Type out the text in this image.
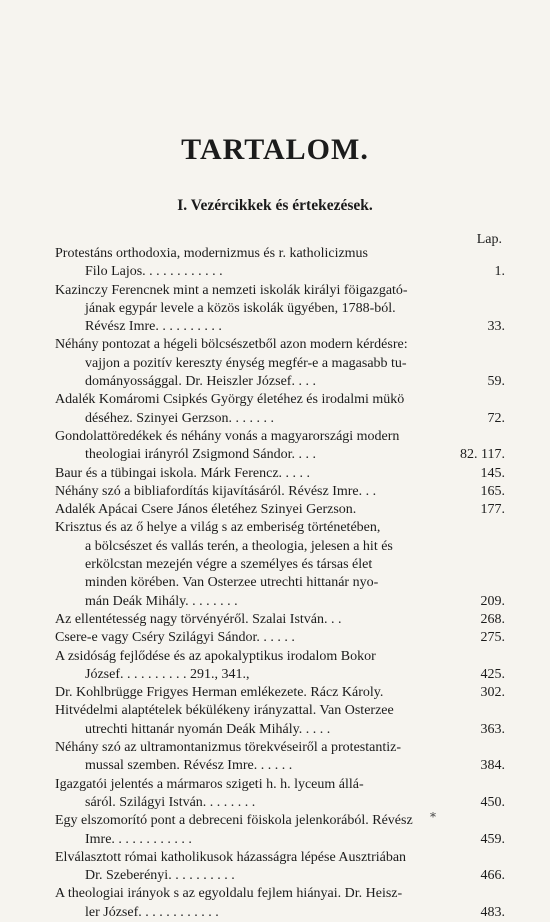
TARTALOM.
I. Vezércikkek és értekezések.
Lap.
Protestáns orthodoxia, modernizmus és r. katholicizmus
Filo Lajos. . . . . . . . . . . .	1.
Kazinczy Ferencnek mint a nemzeti iskolák királyi föigazgató-
jának egypár levele a közös iskolák ügyében, 1788-ból.
Révész Imre. . . . . . . . . .	33.
Néhány pontozat a hégeli bölcsészetből azon modern kérdésre:
vajjon a pozitív kereszty énység megfér-e a magasabb tu-
dományossággal. Dr. Heiszler József. . . .	59.
Adalék Komáromi Csipkés György életéhez és irodalmi mükö
déséhez. Szinyei Gerzson. . . . . . .	72.
Gondolattöredékek és néhány vonás a magyarországi modern
theologiai irányról Zsigmond Sándor. . . .	82. 117.
Baur és a tübingai iskola. Márk Ferencz. . . . .	145.
Néhány szó a bibliafordítás kijavításáról. Révész Imre. . .	165.
Adalék Apácai Csere János életéhez Szinyei Gerzson.	177.
Krisztus és az ő helye a világ s az emberiség történetében,
a bölcsészet és vallás terén, a theologia, jelesen a hit és
erkölcstan mezején végre a személyes és társas élet
minden körében. Van Osterzee utrechti hittanár nyo-
mán Deák Mihály. . . . . . . .	209.
Az ellentétesség nagy törvényéről. Szalai István. . .	268.
Csere-e vagy Cséry Szilágyi Sándor. . . . . .	275.
A zsidóság fejlődése és az apokalyptikus irodalom Bokor
József. . . . . . . . . . 291., 341.,	425.
Dr. Kohlbrügge Frigyes Herman emlékezete. Rácz Károly.	302.
Hitvédelmi alaptételek békülékeny irányzattal. Van Osterzee
utrechti hittanár nyomán Deák Mihály. . . . .	363.
Néhány szó az ultramontanizmus törekvéseiről a protestantiz-
mussal szemben. Révész Imre. . . . . .	384.
Igazgatói jelentés a mármaros szigeti h. h. lyceum állá-
sáról. Szilágyi István. . . . . . . .	450.
Egy elszomorító pont a debreceni föiskola jelenkorából. Révész
Imre. . . . . . . . . . . .	459.
Elválasztott római katholikusok házasságra lépése Ausztriában
Dr. Szeberényi. . . . . . . . . .	466.
A theologiai irányok s az egyoldalu fejlem hiányai. Dr. Heisz-
ler József. . . . . . . . . . . .	483.
*
